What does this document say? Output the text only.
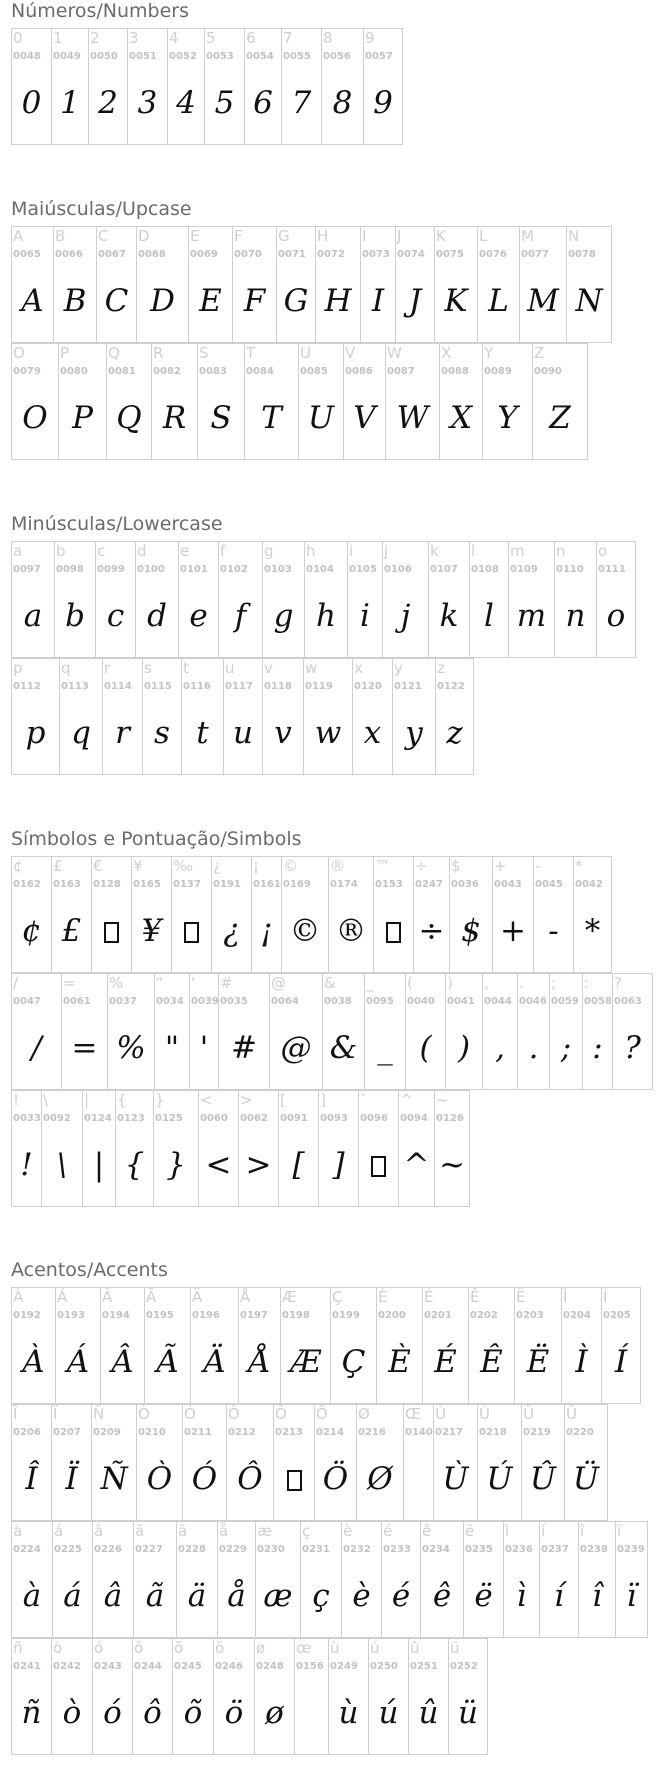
Números/Numbers
0
0048
0
1
0049
1
2
0050
2
3
0051
3
4
0052
4
5
0053
5
6
0054
6
7
0055
7
8
0056
8
9
0057
9
Maiúsculas/Upcase
A
0065
A
B
0066
B
C
0067
C
D
0068
D
E
0069
E
F
0070
F
G
0071
G
H
0072
H
I
0073
I
J
0074
J
K
0075
K
L
0076
L
M
0077
M
N
0078
N
O
0079
O
P
0080
P
Q
0081
Q
R
0082
R
S
0083
S
T
0084
T
U
0085
U
V
0086
V
W
0087
W
X
0088
X
Y
0089
Y
Z
0090
Z
Minúsculas/Lowercase
a
0097
a
b
0098
b
c
0099
c
d
0100
d
e
0101
e
f
0102
f
g
0103
g
h
0104
h
i
0105
i
j
0106
j
k
0107
k
l
0108
l
m
0109
m
n
0110
n
o
0111
o
p
0112
p
q
0113
q
r
0114
r
s
0115
s
t
0116
t
u
0117
u
v
0118
v
w
0119
w
x
0120
x
y
0121
y
z
0122
z
Símbolos e Pontuação/Simbols
¢
0162
¢
£
0163
£
€
0128
¥
0165
¥
‰
0137
¿
0191
¿
¡
0161
¡
©
0169
©
®
0174
®
™
0153
÷
0247
÷
$
0036
$
+
0043
+
-
0045
-
*
0042
*
/
0047
/
=
0061
=
%
0037
%
"
0034
"
'
0039
'
#
0035
#
@
0064
@
&
0038
&
_
0095
_
(
0040
(
)
0041
)
,
0044
,
.
0046
.
;
0059
;
:
0058
:
?
0063
?
!
0033
!
\
0092
\
|
0124
|
{
0123
{
}
0125
}
<
0060
<
>
0062
>
[
0091
[
]
0093
]
`
0096
^
0094
^
~
0126
~
Acentos/Accents
À
0192
À
Á
0193
Á
Â
0194
Â
Ã
0195
Ã
Ä
0196
Ä
Å
0197
Å
Æ
0198
Æ
Ç
0199
Ç
È
0200
È
É
0201
É
Ê
0202
Ê
Ë
0203
Ë
Ì
0204
Ì
Í
0205
Í
Î
0206
Î
Ï
0207
Ï
Ñ
0209
Ñ
Ò
0210
Ò
Ó
0211
Ó
Ô
0212
Ô
Õ
0213
Ö
0214
Ö
Ø
0216
Ø
Œ
0140
Ù
0217
Ù
Ú
0218
Ú
Û
0219
Û
Ü
0220
Ü
à
0224
à
á
0225
á
â
0226
â
ã
0227
ã
ä
0228
ä
å
0229
å
æ
0230
æ
ç
0231
ç
è
0232
è
é
0233
é
ê
0234
ê
ë
0235
ë
ì
0236
ì
í
0237
í
î
0238
î
ï
0239
ï
ñ
0241
ñ
ò
0242
ò
ó
0243
ó
ô
0244
ô
õ
0245
õ
ö
0246
ö
ø
0248
ø
œ
0156
ù
0249
ù
ú
0250
ú
û
0251
û
ü
0252
ü
